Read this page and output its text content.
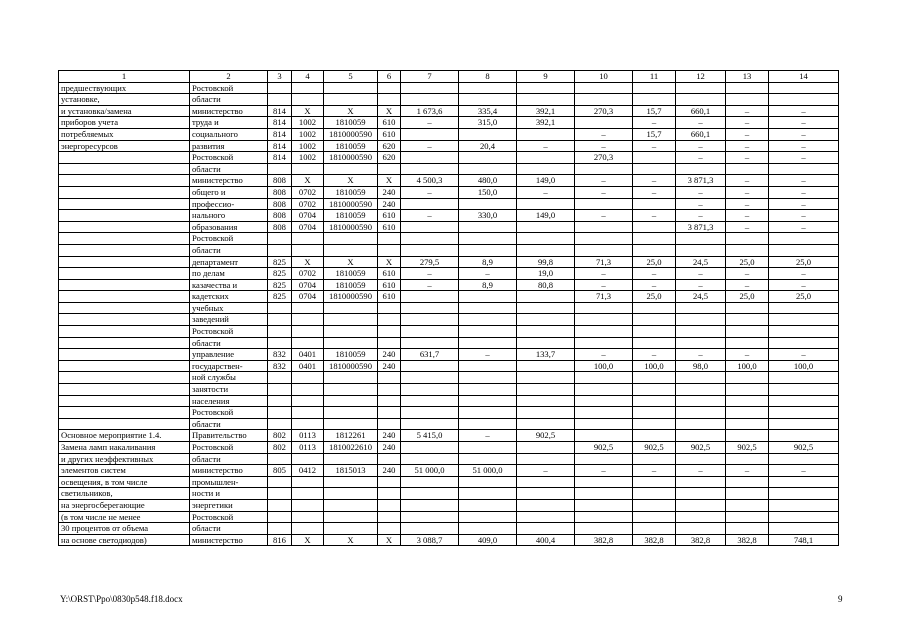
1	2	3	4	5	6	7	8	9	10	11	12	13	14
предшествующих	Ростовской												
установке,	области												
и установка/замена	министерство	814	X	X	X	1 673,6	335,4	392,1	270,3	15,7	660,1	–	–
приборов учета	труда и	814	1002	1810059	610	–	315,0	392,1		–	–	–	–
потребляемых	социального	814	1002	1810000590	610				–	15,7	660,1	–	–
энергоресурсов	развития	814	1002	1810059	620	–	20,4	–	–	–	–	–	–
	Ростовской	814	1002	1810000590	620				270,3		–	–	–
	области												
	министерство	808	X	X	X	4 500,3	480,0	149,0	–	–	3 871,3	–	–
	общего и	808	0702	1810059	240	–	150,0	–	–	–	–	–	–
	профессио-	808	0702	1810000590	240						–	–	–
	нального	808	0704	1810059	610	–	330,0	149,0	–	–	–	–	–
	образования	808	0704	1810000590	610						3 871,3	–	–
	Ростовской												
	области												
	департамент	825	X	X	X	279,5	8,9	99,8	71,3	25,0	24,5	25,0	25,0
	по делам	825	0702	1810059	610	–	–	19,0	–	–	–	–	–
	казачества и	825	0704	1810059	610	–	8,9	80,8	–	–	–	–	–
	кадетских	825	0704	1810000590	610				71,3	25,0	24,5	25,0	25,0
	учебных												
	заведений												
	Ростовской												
	области												
	управление	832	0401	1810059	240	631,7	–	133,7	–	–	–	–	–
	государствен-	832	0401	1810000590	240				100,0	100,0	98,0	100,0	100,0
	ной службы												
	занятости												
	населения												
	Ростовской												
	области												
Основное мероприятие 1.4.	Правительство	802	0113	1812261	240	5 415,0	–	902,5					
Замена ламп накаливания	Ростовской	802	0113	1810022610	240				902,5	902,5	902,5	902,5	902,5
и других неэффективных	области												
элементов систем	министерство	805	0412	1815013	240	51 000,0	51 000,0	–	–	–	–	–	–
освещения, в том числе	промышлен-												
светильников,	ности и												
на энергосберегающие	энергетики												
(в том числе не менее	Ростовской												
30 процентов от объема	области												
на основе светодиодов)	министерство	816	X	X	X	3 088,7	409,0	400,4	382,8	382,8	382,8	382,8	748,1
Y:\ORST\Ppo\0830p548.f18.docx	9
